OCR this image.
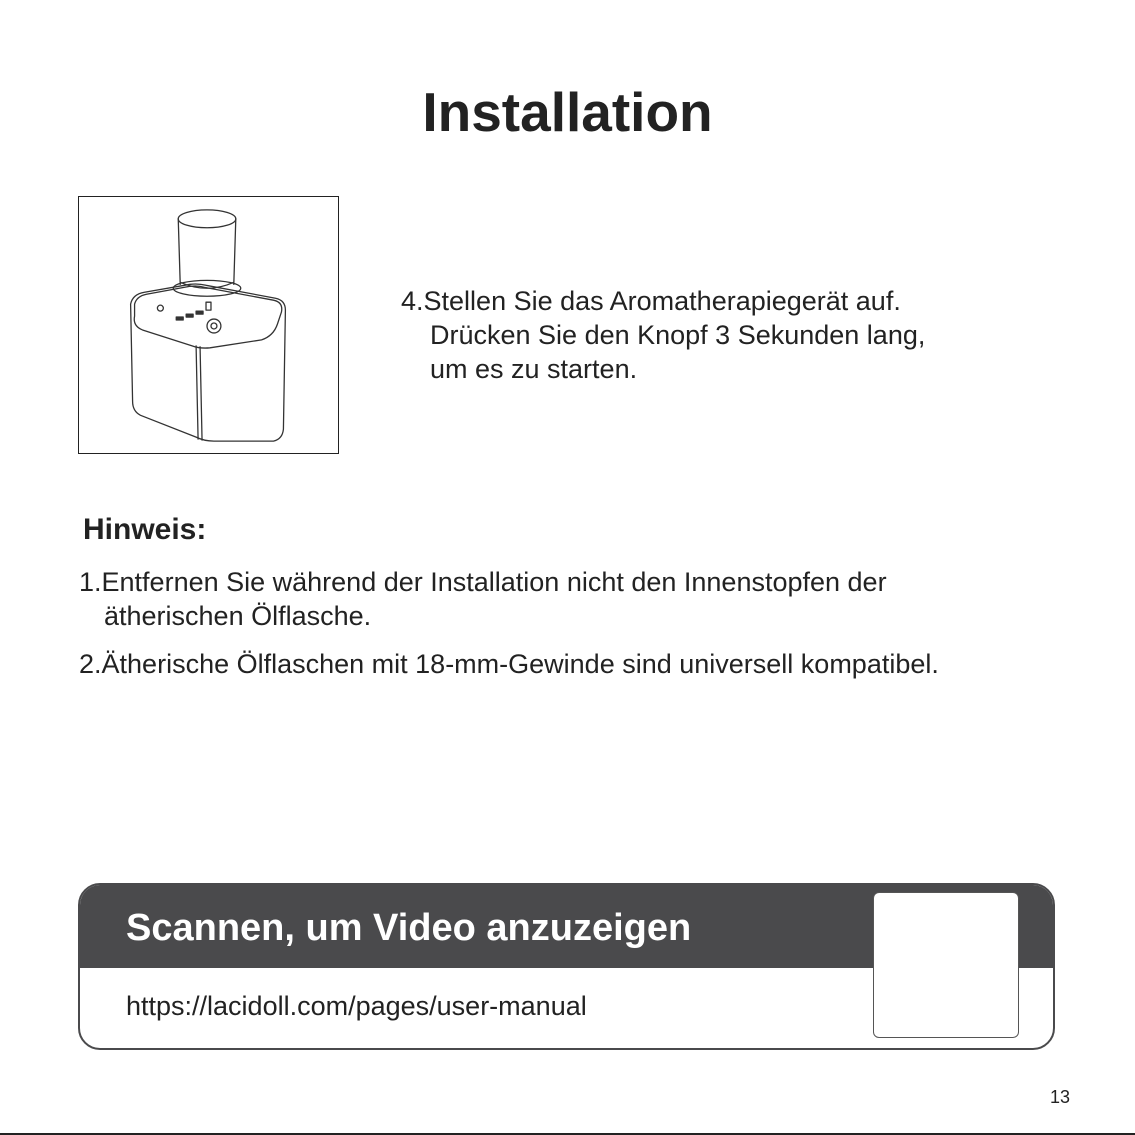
Installation
4.Stellen Sie das Aromatherapiegerät auf.
Drücken Sie den Knopf 3 Sekunden lang,
um es zu starten.
Hinweis:
1.Entfernen Sie während der Installation nicht den Innenstopfen der
ätherischen Ölflasche.
2.Ätherische Ölflaschen mit 18-mm-Gewinde sind universell kompatibel.
Scannen, um Video anzuzeigen
https://lacidoll.com/pages/user-manual
13
